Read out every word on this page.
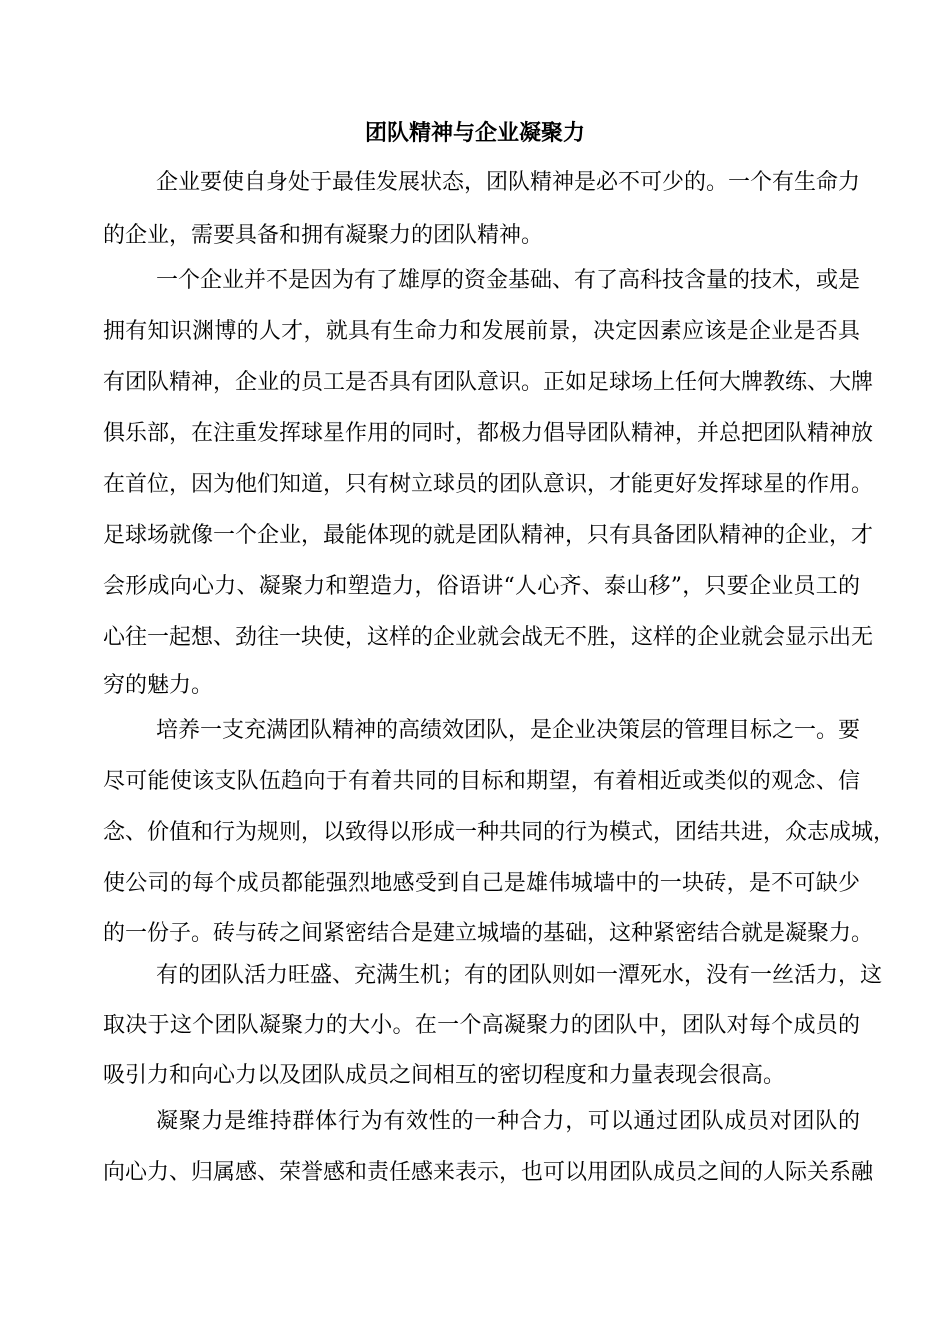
团队精神与企业凝聚力

企业要使自身处于最佳发展状态，团队精神是必不可少的。一个有生命力

的企业，需要具备和拥有凝聚力的团队精神。

一个企业并不是因为有了雄厚的资金基础、有了高科技含量的技术，或是

拥有知识渊博的人才，就具有生命力和发展前景，决定因素应该是企业是否具

有团队精神，企业的员工是否具有团队意识。正如足球场上任何大牌教练、大牌

俱乐部，在注重发挥球星作用的同时，都极力倡导团队精神，并总把团队精神放

在首位，因为他们知道，只有树立球员的团队意识，才能更好发挥球星的作用。

足球场就像一个企业，最能体现的就是团队精神，只有具备团队精神的企业，才

会形成向心力、凝聚力和塑造力，俗语讲“人心齐、泰山移”，只要企业员工的

心往一起想、劲往一块使，这样的企业就会战无不胜，这样的企业就会显示出无

穷的魅力。

培养一支充满团队精神的高绩效团队，是企业决策层的管理目标之一。要

尽可能使该支队伍趋向于有着共同的目标和期望，有着相近或类似的观念、信

念、价值和行为规则，以致得以形成一种共同的行为模式，团结共进，众志成城，

使公司的每个成员都能强烈地感受到自己是雄伟城墙中的一块砖，是不可缺少

的一份子。砖与砖之间紧密结合是建立城墙的基础，这种紧密结合就是凝聚力。

有的团队活力旺盛、充满生机；有的团队则如一潭死水，没有一丝活力，这

取决于这个团队凝聚力的大小。在一个高凝聚力的团队中，团队对每个成员的

吸引力和向心力以及团队成员之间相互的密切程度和力量表现会很高。

凝聚力是维持群体行为有效性的一种合力，可以通过团队成员对团队的

向心力、归属感、荣誉感和责任感来表示，也可以用团队成员之间的人际关系融
